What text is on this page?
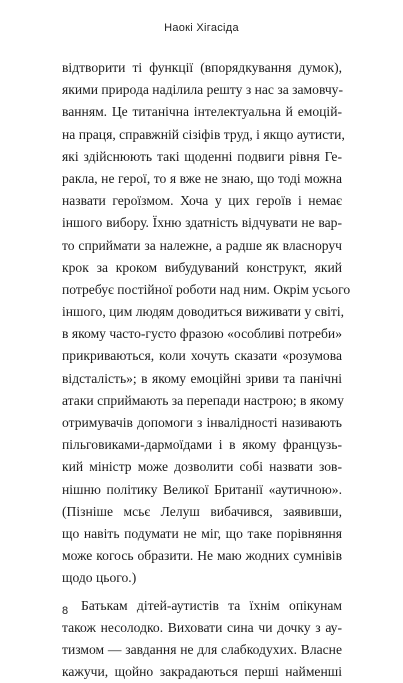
Наокі Хігасіда
відтворити ті функції (впорядкування думок),
якими природа наділила решту з нас за замовчу-
ванням. Це титанічна інтелектуальна й емоцій-
на праця, справжній сізіфів труд, і якщо аутисти,
які здійснюють такі щоденні подвиги рівня Ге-
ракла, не герої, то я вже не знаю, що тоді можна
назвати героїзмом. Хоча у цих героїв і немає
іншого вибору. Їхню здатність відчувати не вар-
то сприймати за належне, а радше як власноруч
крок за кроком вибудуваний конструкт, який
потребує постійної роботи над ним. Окрім усього
іншого, цим людям доводиться виживати у світі,
в якому часто-густо фразою «особливі потреби»
прикриваються, коли хочуть сказати «розумова
відсталість»; в якому емоційні зриви та панічні
атаки сприймають за перепади настрою; в якому
отримувачів допомоги з інвалідності називають
пільговиками-дармоїдами і в якому французь-
кий міністр може дозволити собі назвати зов-
нішню політику Великої Британії «аутичною».
(Пізніше мсьє Лелуш вибачився, заявивши,
що навіть подумати не міг, що таке порівняння
може когось образити. Не маю жодних сумнівів
щодо цього.)
Батькам дітей-аутистів та їхнім опікунам
також несолодко. Виховати сина чи дочку з ау-
тизмом — завдання не для слабкодухих. Власне
кажучи, щойно закрадаються перші найменші
8
